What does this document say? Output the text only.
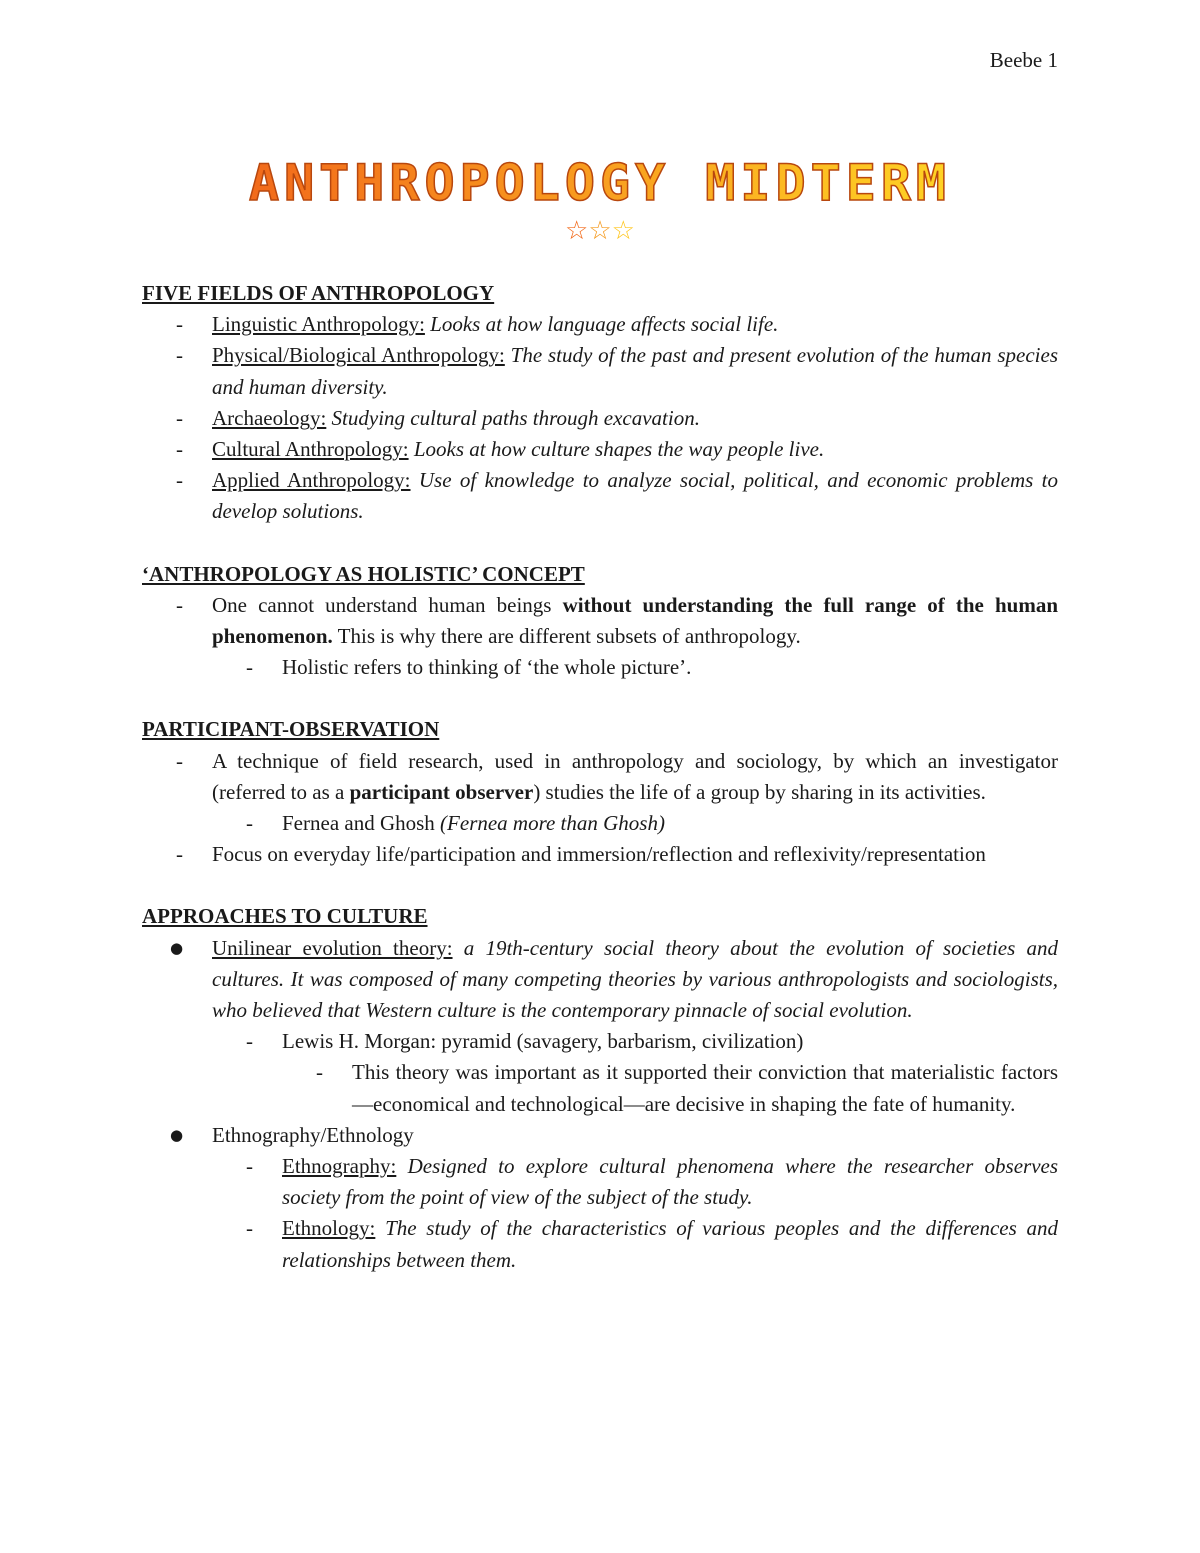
Beebe 1
ANTHROPOLOGY MIDTERM
☆☆☆

FIVE FIELDS OF ANTHROPOLOGY

- Linguistic Anthropology: Looks at how language affects social life.
- Physical/Biological Anthropology: The study of the past and present evolution of the human species and human diversity.
- Archaeology: Studying cultural paths through excavation.
- Cultural Anthropology: Looks at how culture shapes the way people live.
- Applied Anthropology: Use of knowledge to analyze social, political, and economic problems to develop solutions.

‘ANTHROPOLOGY AS HOLISTIC’ CONCEPT

- One cannot understand human beings without understanding the full range of the human phenomenon. This is why there are different subsets of anthropology.
- Holistic refers to thinking of ‘the whole picture’.

PARTICIPANT-OBSERVATION

- A technique of field research, used in anthropology and sociology, by which an investigator (referred to as a participant observer) studies the life of a group by sharing in its activities.
- Fernea and Ghosh (Fernea more than Ghosh)
- Focus on everyday life/participation and immersion/reflection and reflexivity/representation

APPROACHES TO CULTURE

● Unilinear evolution theory: a 19th-century social theory about the evolution of societies and cultures. It was composed of many competing theories by various anthropologists and sociologists, who believed that Western culture is the contemporary pinnacle of social evolution.
- Lewis H. Morgan: pyramid (savagery, barbarism, civilization)
- This theory was important as it supported their conviction that materialistic factors—economical and technological—are decisive in shaping the fate of humanity.
● Ethnography/Ethnology
- Ethnography: Designed to explore cultural phenomena where the researcher observes society from the point of view of the subject of the study.
- Ethnology: The study of the characteristics of various peoples and the differences and relationships between them.
